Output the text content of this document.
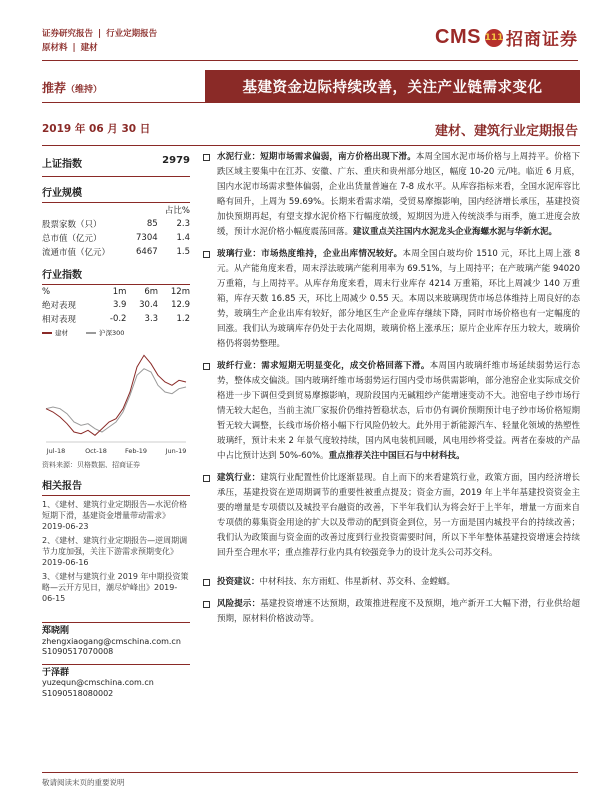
证券研究报告 | 行业定期报告
原材料 | 建材	CMS 111 招商证券
推荐（维持）	基建资金边际持续改善，关注产业链需求变化
2019 年 06 月 30 日	建材、建筑行业定期报告
上证指数	2979
行业规模
		占比%
股票家数（只）	85	2.3
总市值（亿元）	7304	1.4
流通市值（亿元）	6467	1.5
行业指数
%	1m	6m	12m
绝对表现	3.9	30.4	12.9
相对表现	-0.2	3.3	1.2
建材	沪深300
Jul-18	Oct-18	Feb-19	Jun-19
资料来源：贝格数据、招商证券
相关报告
1、《建材、建筑行业定期报告—水泥价格短期下滑，基建资金增量带动需求》2019-06-23
2、《建材、建筑行业定期报告—逆周期调节力度加强，关注下游需求预期变化》2019-06-16
3、《建材与建筑行业 2019 年中期投资策略—云开方见日，潮尽炉峰出》2019-06-15
郑晓刚
zhengxiaogang@cmschina.com.cn
S1090517070008
于泽群
yuzequn@cmschina.com.cn
S1090518080002
水泥行业：短期市场需求偏弱，南方价格出现下滑。本周全国水泥市场价格与上周持平。价格下跌区域主要集中在江苏、安徽、广东、重庆和贵州部分地区，幅度 10-20 元/吨。临近 6 月底，国内水泥市场需求整体偏弱，企业出货量普遍在 7-8 成水平。从库容指标来看，全国水泥库容比略有回升，上周为 59.69%。长期来看需求端，受贸易摩擦影响，国内经济增长承压，基建投资加快预期再起，有望支撑水泥价格下行幅度放缓，短期因为进入传统淡季与雨季，施工进度会放缓，预计水泥价格小幅度震荡回落。建议重点关注国内水泥龙头企业海螺水泥与华新水泥。
玻璃行业：市场热度维持，企业出库情况较好。本周全国白玻均价 1510 元，环比上周上涨 8 元。从产能角度来看，周末浮法玻璃产能利用率为 69.51%，与上周持平；在产玻璃产能 94020 万重箱，与上周持平。从库存角度来看，周末行业库存 4214 万重箱，环比上周减少 140 万重箱，库存天数 16.85 天，环比上周减少 0.55 天。本周以来玻璃现货市场总体维持上周良好的态势，玻璃生产企业出库有较好，部分地区生产企业库存继续下降，同时市场价格也有一定幅度的回涨。我们认为玻璃库存仍处于去化周期，玻璃价格上涨承压；原片企业库存压力较大，玻璃价格仍将弱势整理。
玻纤行业：需求短期无明显变化，成交价格回落下滑。本周国内玻璃纤维市场延续弱势运行态势，整体成交偏淡。国内玻璃纤维市场弱势运行国内受市场供需影响，部分池窑企业实际成交价格进一步下调但受到贸易摩擦影响，现阶段国内无碱粗纱产能增速变动不大。池窑电子纱市场行情无较大起色，当前主流厂家报价仍维持暂稳状态，后市仍有调价预期预计电子纱市场价格短期暂无较大调整，长线市场价格小幅下行风险仍较大。此外用于新能源汽车、轻量化领域的热塑性玻璃纤，预计未来 2 年景气度较持续，国内风电装机回暖，风电用纱将受益。两者在泰坡的产品中占比预计达到 50%-60%。重点推荐关注中国巨石与中材科技。
建筑行业：建筑行业配置性价比逐渐显现。自上而下的来看建筑行业，政策方面，国内经济增长承压，基建投资在逆周期调节的重要性被重点提及；资金方面，2019 年上半年基建投资资金主要的增量是专项债以及城投平台融资的改善，下半年我们认为将会好于上半年，增量一方面来自专项债的募集资金用途的扩大以及带动的配到资金到位，另一方面是国内城投平台的持续改善；我们认为政策面与资金面的改善过度到行业投资需要时间，所以下半年整体基建投资增速会持续回升至合理水平；重点推荐行业内具有较强竞争力的设计龙头公司苏交科。
投资建议：中材科技、东方雨虹、伟星新材、苏交科、金螳螂。
风险提示：基建投资增速不达预期，政策推进程度不及预期，地产新开工大幅下滑，行业供给超预期，原材料价格波动等。
敬请阅读末页的重要说明
